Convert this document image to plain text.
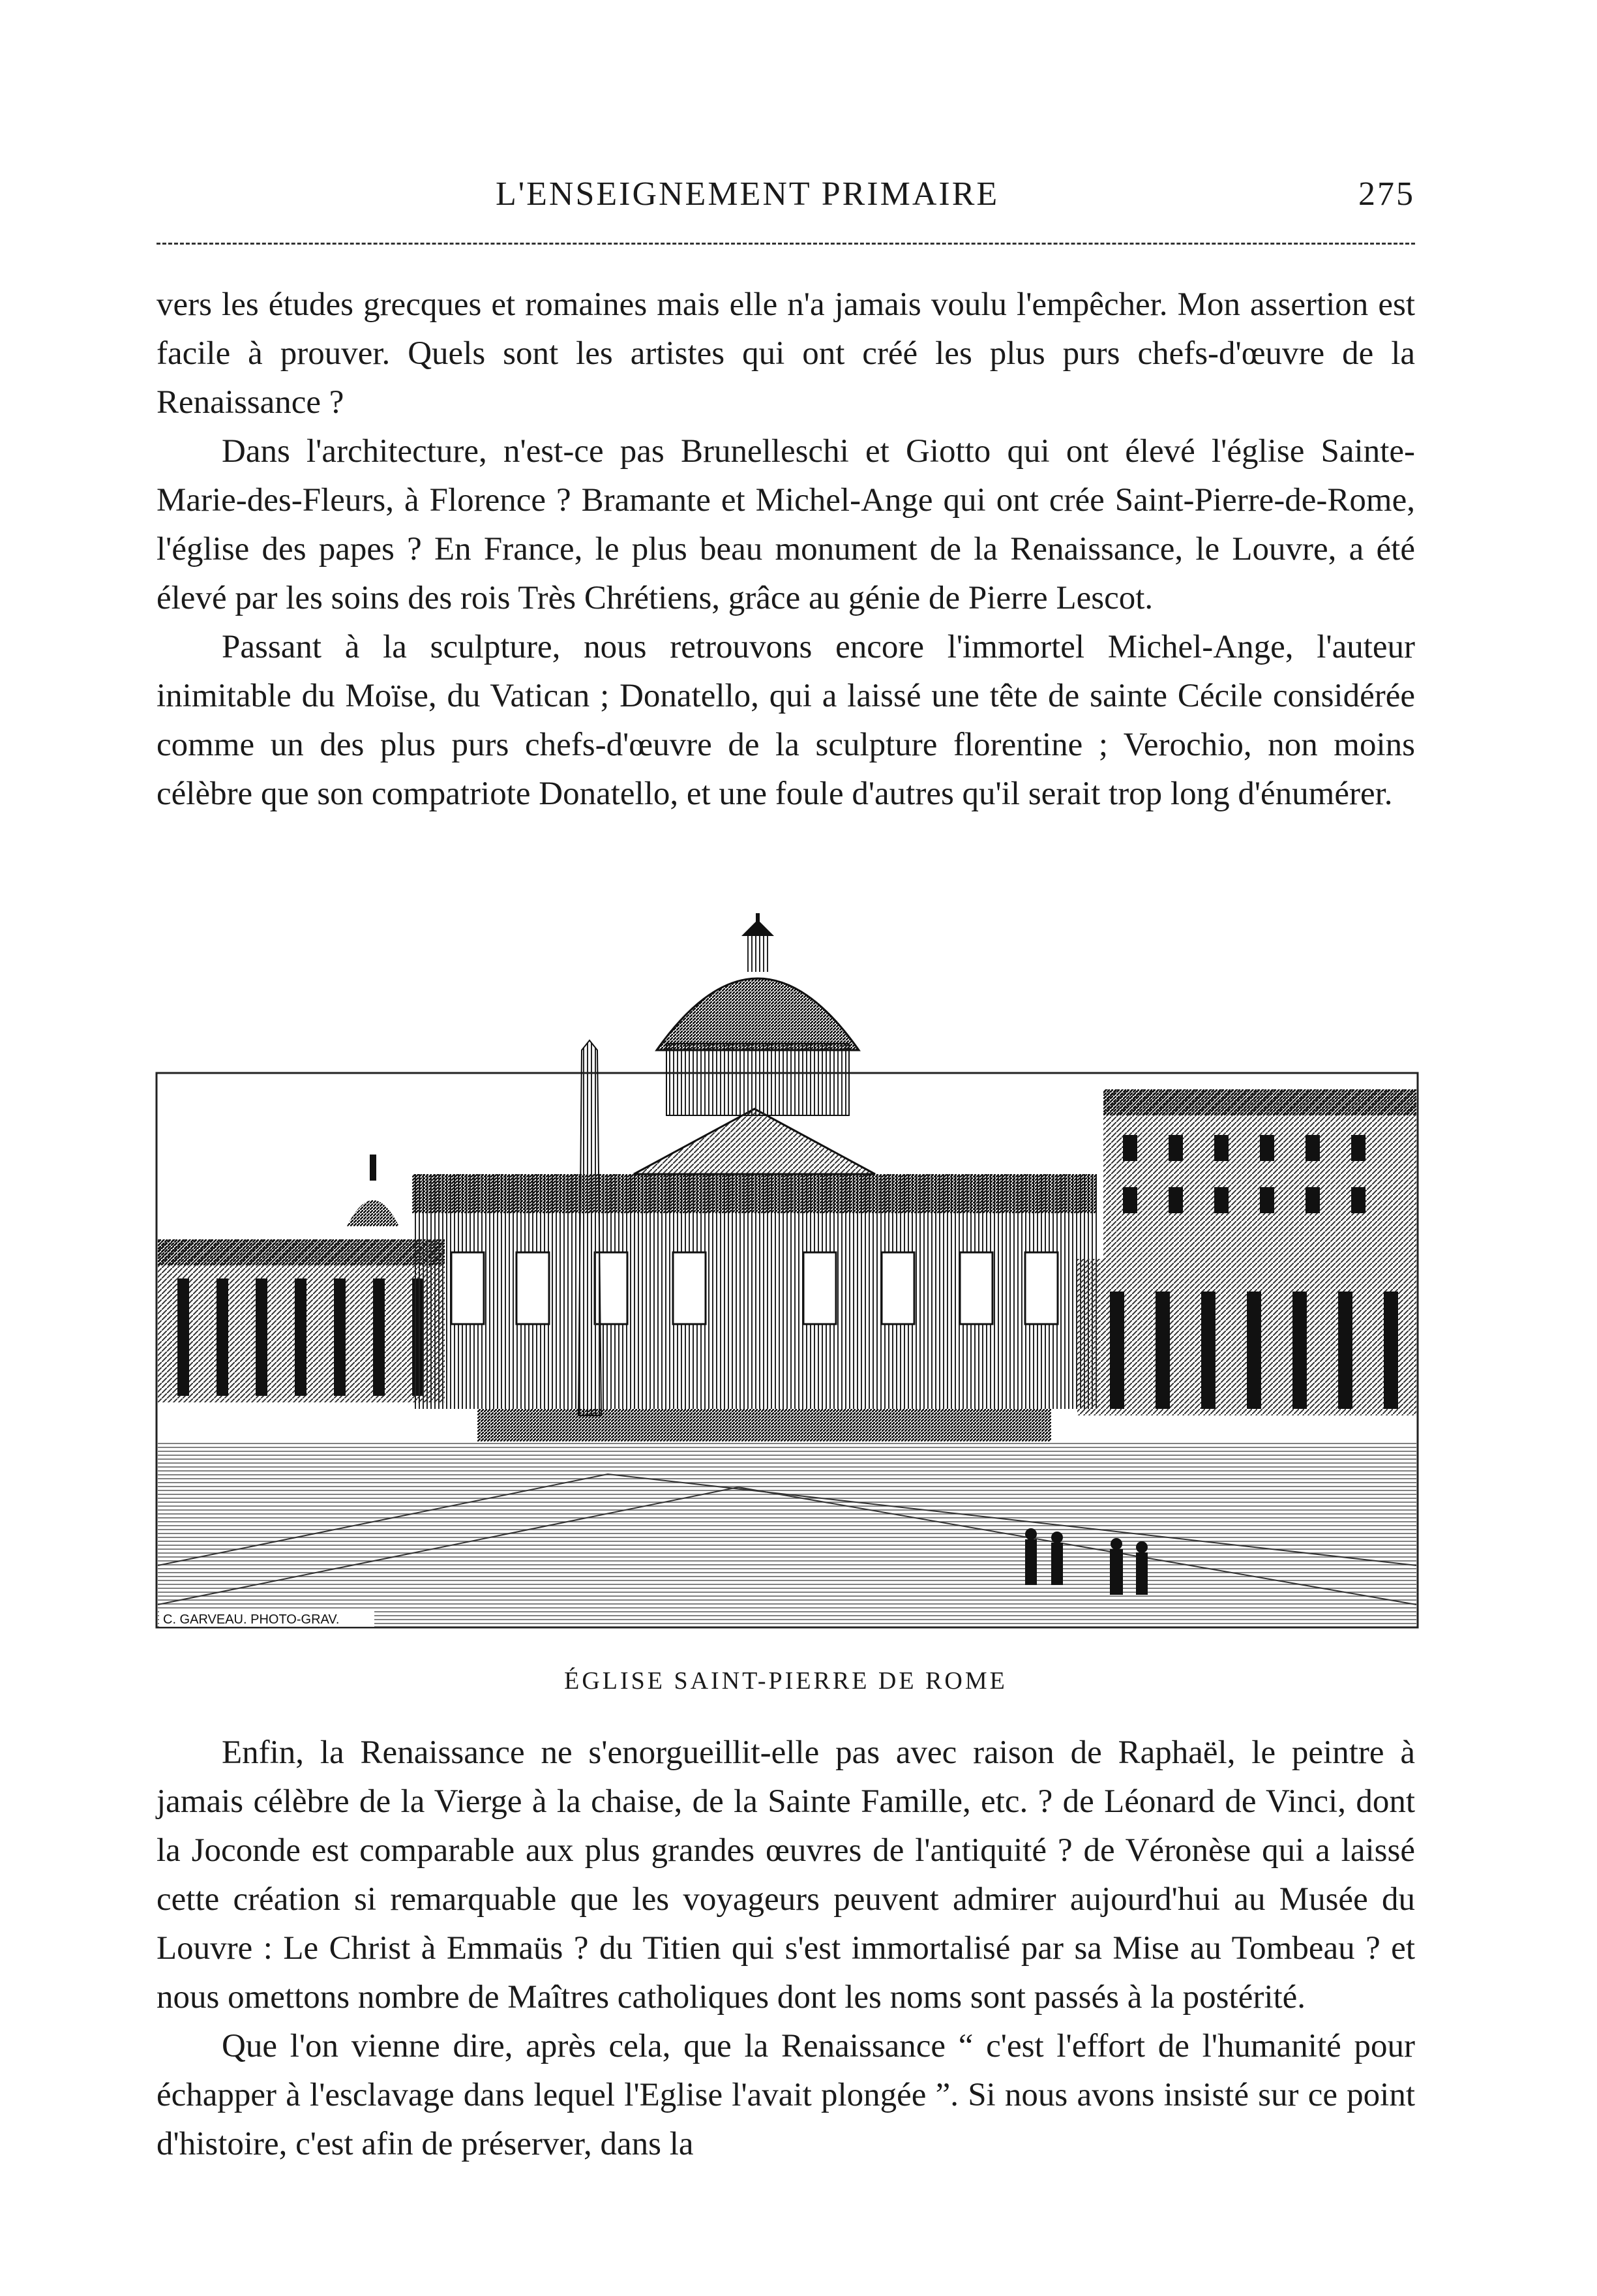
L'ENSEIGNEMENT PRIMAIRE	275

vers les études grecques et romaines mais elle n'a jamais voulu l'empêcher. Mon assertion est facile à prouver. Quels sont les artistes qui ont créé les plus purs chefs-d'œuvre de la Renaissance ?

Dans l'architecture, n'est-ce pas Brunelleschi et Giotto qui ont élevé l'église Sainte-Marie-des-Fleurs, à Florence ? Bramante et Michel-Ange qui ont crée Saint-Pierre-de-Rome, l'église des papes ? En France, le plus beau monument de la Renaissance, le Louvre, a été élevé par les soins des rois Très Chrétiens, grâce au génie de Pierre Lescot.

Passant à la sculpture, nous retrouvons encore l'immortel Michel-Ange, l'auteur inimitable du Moïse, du Vatican ; Donatello, qui a laissé une tête de sainte Cécile considérée comme un des plus purs chefs-d'œuvre de la sculpture florentine ; Verochio, non moins célèbre que son compatriote Donatello, et une foule d'autres qu'il serait trop long d'énumérer.

C. GARVEAU. PHOTO-GRAV.
ÉGLISE SAINT-PIERRE DE ROME

Enfin, la Renaissance ne s'enorgueillit-elle pas avec raison de Raphaël, le peintre à jamais célèbre de la Vierge à la chaise, de la Sainte Famille, etc. ? de Léonard de Vinci, dont la Joconde est comparable aux plus grandes œuvres de l'antiquité ? de Véronèse qui a laissé cette création si remarquable que les voyageurs peuvent admirer aujourd'hui au Musée du Louvre : Le Christ à Emmaüs ? du Titien qui s'est immortalisé par sa Mise au Tombeau ? et nous omettons nombre de Maîtres catholiques dont les noms sont passés à la postérité.

Que l'on vienne dire, après cela, que la Renaissance “ c'est l'effort de l'humanité pour échapper à l'esclavage dans lequel l'Eglise l'avait plongée ”. Si nous avons insisté sur ce point d'histoire, c'est afin de préserver, dans la
